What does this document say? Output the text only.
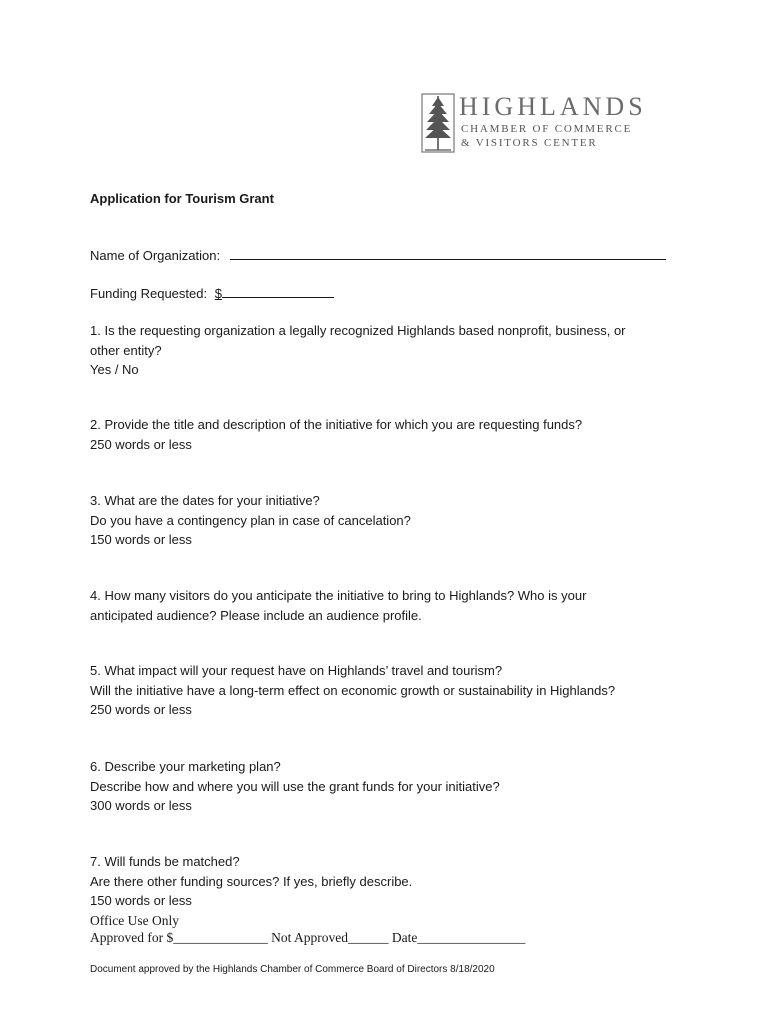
HIGHLANDS
CHAMBER OF COMMERCE
& VISITORS CENTER
Application for Tourism Grant
Name of Organization:
Funding Requested: $
1. Is the requesting organization a legally recognized Highlands based nonprofit, business, or
other entity?
Yes / No
2. Provide the title and description of the initiative for which you are requesting funds?
250 words or less
3. What are the dates for your initiative?
Do you have a contingency plan in case of cancelation?
150 words or less
4. How many visitors do you anticipate the initiative to bring to Highlands? Who is your
anticipated audience? Please include an audience profile.
5. What impact will your request have on Highlands’ travel and tourism?
Will the initiative have a long-term effect on economic growth or sustainability in Highlands?
250 words or less
6. Describe your marketing plan?
Describe how and where you will use the grant funds for your initiative?
300 words or less
7. Will funds be matched?
Are there other funding sources? If yes, briefly describe.
150 words or less
Office Use Only
Approved for $______________ Not Approved______ Date________________
Document approved by the Highlands Chamber of Commerce Board of Directors 8/18/2020
